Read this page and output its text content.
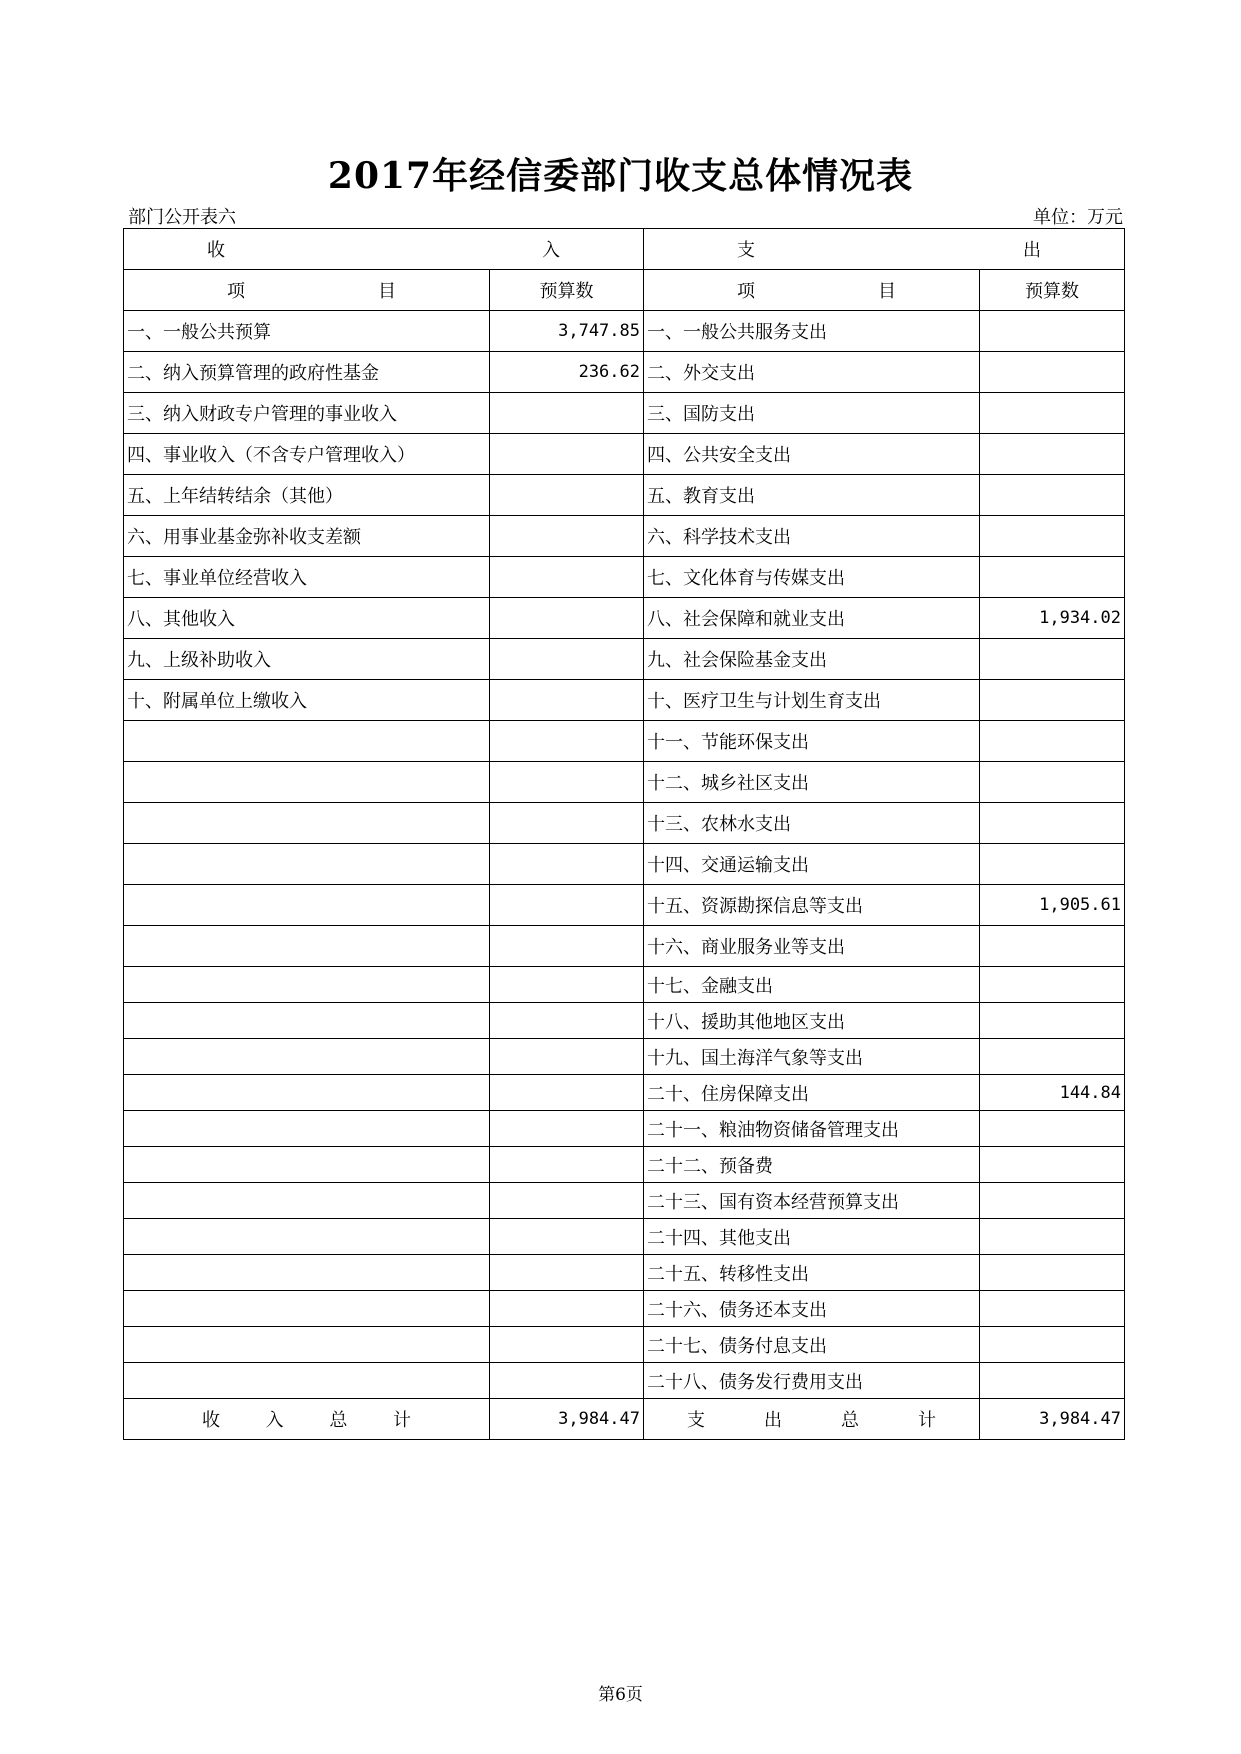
2017年经信委部门收支总体情况表
部门公开表六	单位：万元
收 入		支 出	

项 目	预算数	项 目	预算数
一、一般公共预算	3,747.85	一、一般公共服务支出	
二、纳入预算管理的政府性基金	236.62	二、外交支出	
三、纳入财政专户管理的事业收入		三、国防支出	
四、事业收入（不含专户管理收入）		四、公共安全支出	
五、上年结转结余（其他）		五、教育支出	
六、用事业基金弥补收支差额		六、科学技术支出	
七、事业单位经营收入		七、文化体育与传媒支出	
八、其他收入		八、社会保障和就业支出	1,934.02
九、上级补助收入		九、社会保险基金支出	
十、附属单位上缴收入		十、医疗卫生与计划生育支出	
		十一、节能环保支出	
		十二、城乡社区支出	
		十三、农林水支出	
		十四、交通运输支出	
		十五、资源勘探信息等支出	1,905.61
		十六、商业服务业等支出	
		十七、金融支出	
		十八、援助其他地区支出	
		十九、国土海洋气象等支出	
		二十、住房保障支出	144.84
		二十一、粮油物资储备管理支出	
		二十二、预备费	
		二十三、国有资本经营预算支出	
		二十四、其他支出	
		二十五、转移性支出	
		二十六、债务还本支出	
		二十七、债务付息支出	
		二十八、债务发行费用支出	

收 入 总 计	3,984.47	支 出 总 计	3,984.47
第6页
